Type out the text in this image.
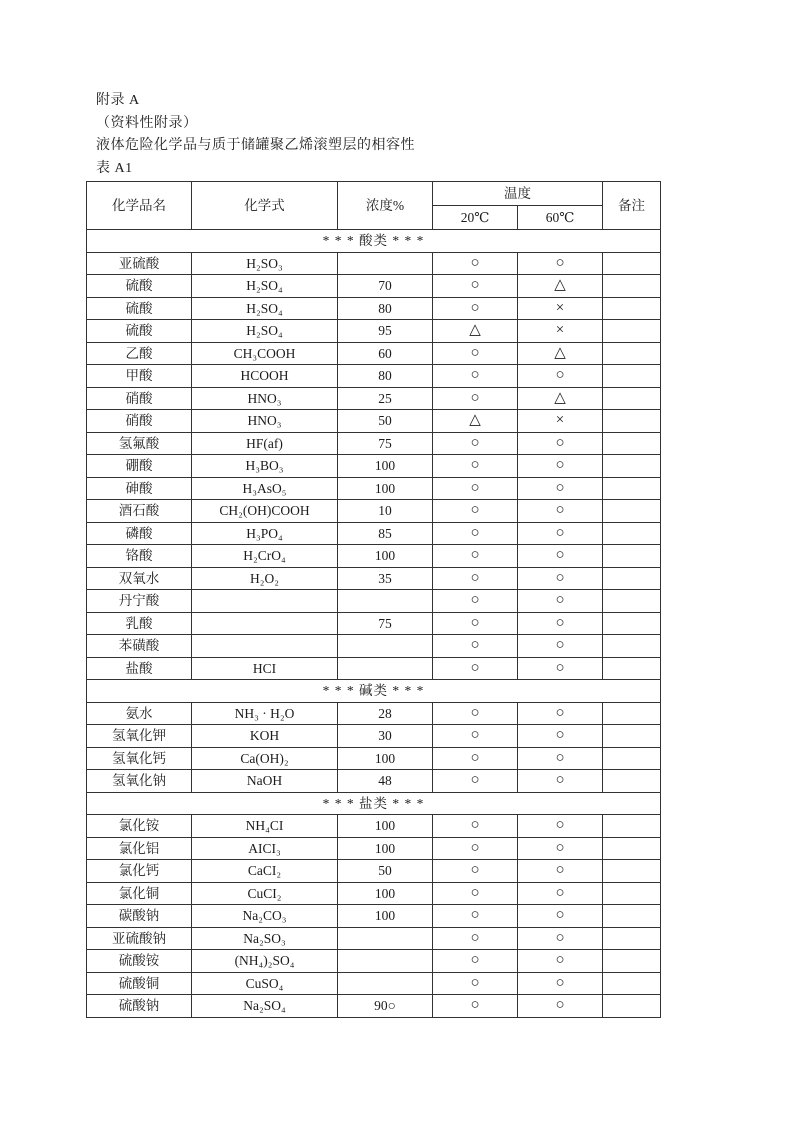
附录 A
（资料性附录）
液体危险化学品与质于储罐聚乙烯滚塑层的相容性
表 A1
化学品名	化学式	浓度%	温度		备注
			20℃	60℃	
* * * 酸类 * * *					
亚硫酸	H₂SO₃		○	○	
硫酸	H₂SO₄	70	○	△	
硫酸	H₂SO₄	80	○	×	
硫酸	H₂SO₄	95	△	×	
乙酸	CH₃COOH	60	○	△	
甲酸	HCOOH	80	○	○	
硝酸	HNO₃	25	○	△	
硝酸	HNO₃	50	△	×	
氢氟酸	HF(af)	75	○	○	
硼酸	H₃BO₃	100	○	○	
砷酸	H₃AsO₅	100	○	○	
酒石酸	CH₂(OH)COOH	10	○	○	
磷酸	H₃PO₄	85	○	○	
铬酸	H₂CrO₄	100	○	○	
双氧水	H₂O₂	35	○	○	
丹宁酸			○	○	
乳酸		75	○	○	
苯磺酸			○	○	
盐酸	HCI		○	○	
* * * 碱类 * * *					
氨水	NH₃ · H₂O	28	○	○	
氢氧化钾	KOH	30	○	○	
氢氧化钙	Ca(OH)₂	100	○	○	
氢氧化钠	NaOH	48	○	○	
* * * 盐类 * * *					
氯化铵	NH₄CI	100	○	○	
氯化铝	AICI₃	100	○	○	
氯化钙	CaCI₂	50	○	○	
氯化铜	CuCI₂	100	○	○	
碳酸钠	Na₂CO₃	100	○	○	
亚硫酸钠	Na₂SO₃		○	○	
硫酸铵	(NH₄)₂SO₄		○	○	
硫酸铜	CuSO₄		○	○	
硫酸钠	Na₂SO₄	90○	○	○	
